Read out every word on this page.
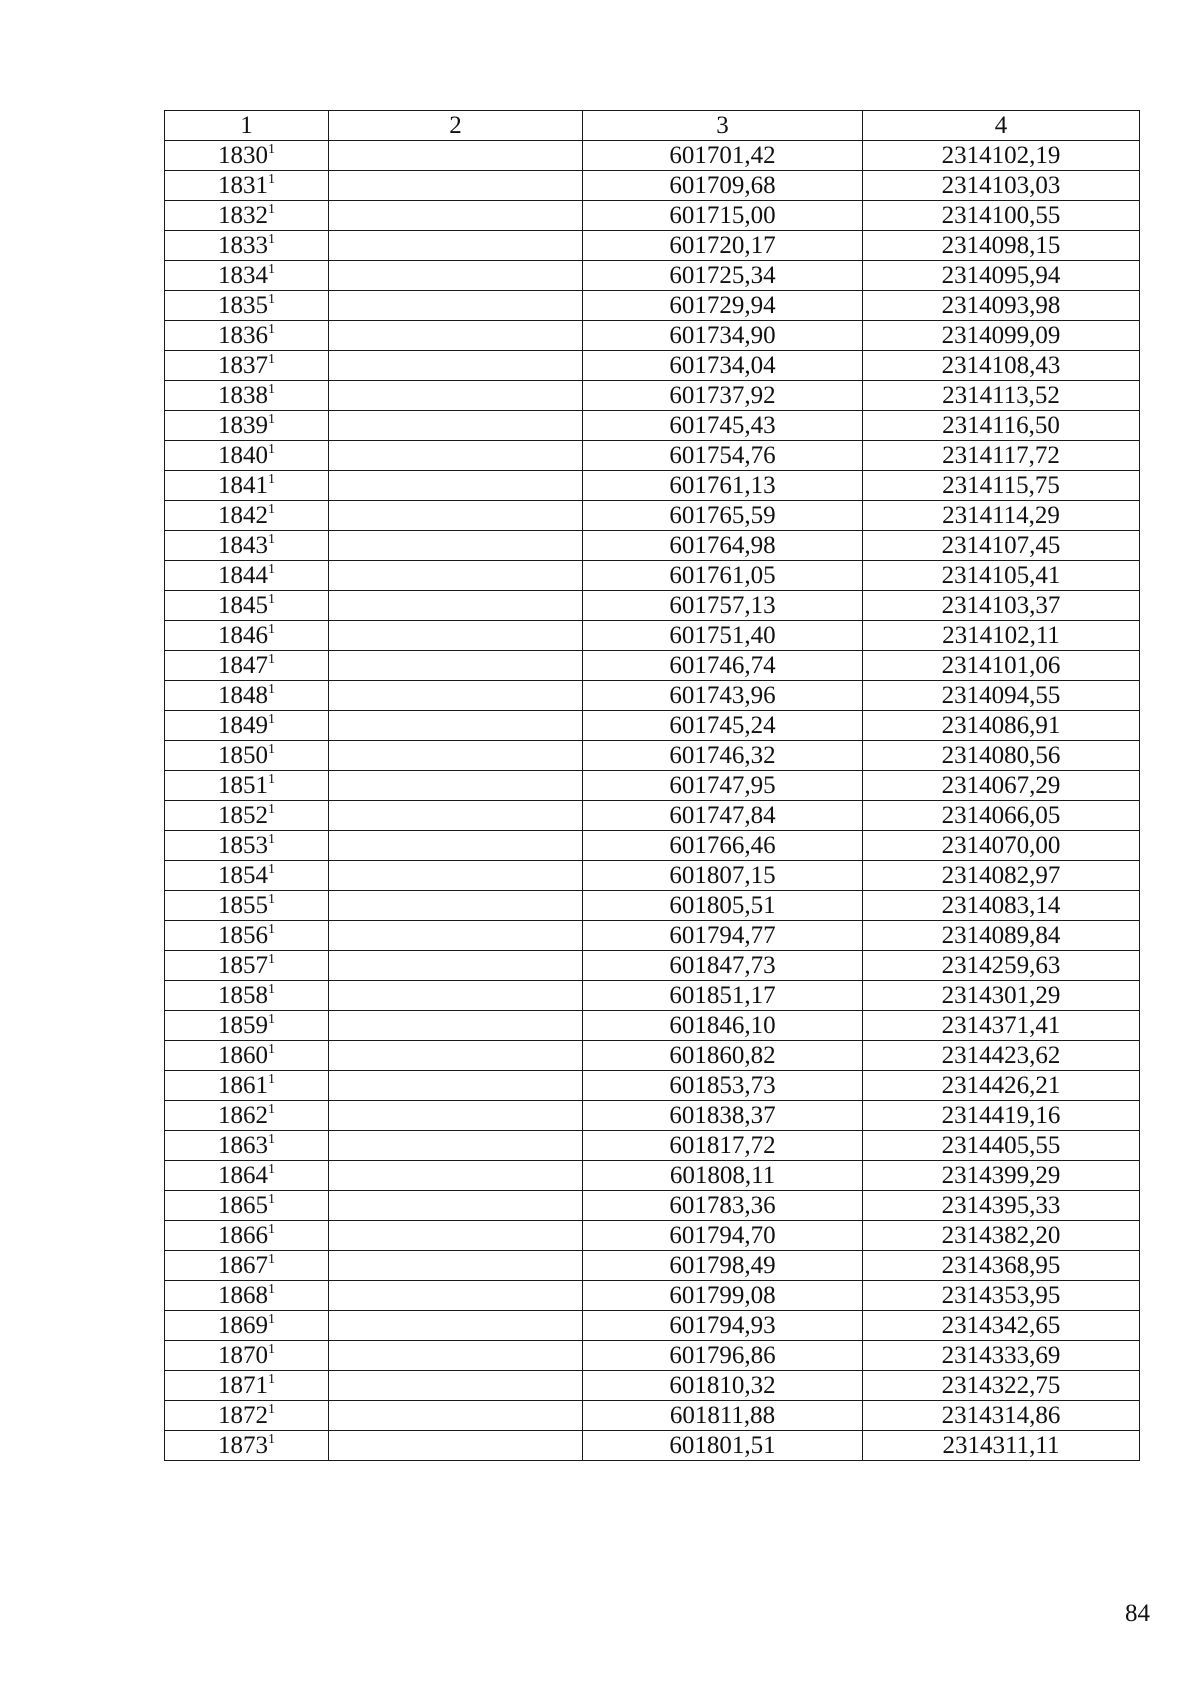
1	2	3	4
1830$^1$		601701,42	2314102,19
1831$^1$		601709,68	2314103,03
1832$^1$		601715,00	2314100,55
1833$^1$		601720,17	2314098,15
1834$^1$		601725,34	2314095,94
1835$^1$		601729,94	2314093,98
1836$^1$		601734,90	2314099,09
1837$^1$		601734,04	2314108,43
1838$^1$		601737,92	2314113,52
1839$^1$		601745,43	2314116,50
1840$^1$		601754,76	2314117,72
1841$^1$		601761,13	2314115,75
1842$^1$		601765,59	2314114,29
1843$^1$		601764,98	2314107,45
1844$^1$		601761,05	2314105,41
1845$^1$		601757,13	2314103,37
1846$^1$		601751,40	2314102,11
1847$^1$		601746,74	2314101,06
1848$^1$		601743,96	2314094,55
1849$^1$		601745,24	2314086,91
1850$^1$		601746,32	2314080,56
1851$^1$		601747,95	2314067,29
1852$^1$		601747,84	2314066,05
1853$^1$		601766,46	2314070,00
1854$^1$		601807,15	2314082,97
1855$^1$		601805,51	2314083,14
1856$^1$		601794,77	2314089,84
1857$^1$		601847,73	2314259,63
1858$^1$		601851,17	2314301,29
1859$^1$		601846,10	2314371,41
1860$^1$		601860,82	2314423,62
1861$^1$		601853,73	2314426,21
1862$^1$		601838,37	2314419,16
1863$^1$		601817,72	2314405,55
1864$^1$		601808,11	2314399,29
1865$^1$		601783,36	2314395,33
1866$^1$		601794,70	2314382,20
1867$^1$		601798,49	2314368,95
1868$^1$		601799,08	2314353,95
1869$^1$		601794,93	2314342,65
1870$^1$		601796,86	2314333,69
1871$^1$		601810,32	2314322,75
1872$^1$		601811,88	2314314,86
1873$^1$		601801,51	2314311,11
84
